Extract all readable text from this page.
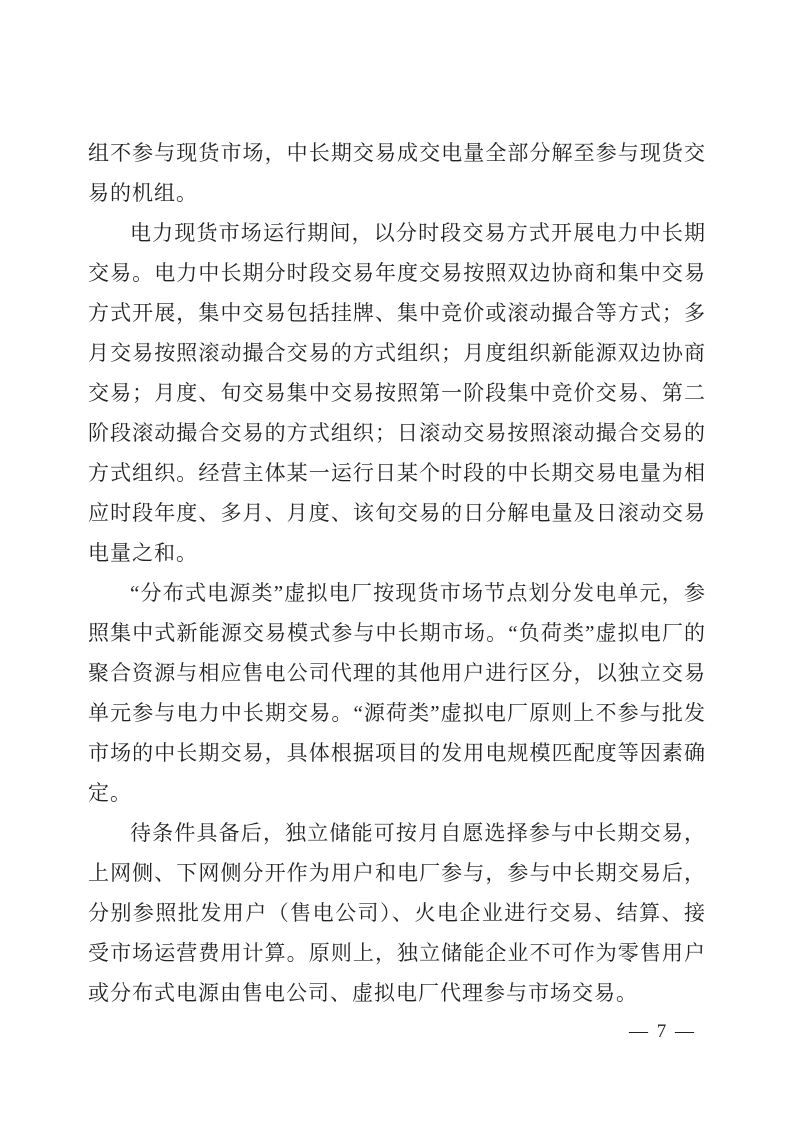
组不参与现货市场，中长期交易成交电量全部分解至参与现货交易的机组。

电力现货市场运行期间，以分时段交易方式开展电力中长期交易。电力中长期分时段交易年度交易按照双边协商和集中交易方式开展，集中交易包括挂牌、集中竞价或滚动撮合等方式；多月交易按照滚动撮合交易的方式组织；月度组织新能源双边协商交易；月度、旬交易集中交易按照第一阶段集中竞价交易、第二阶段滚动撮合交易的方式组织；日滚动交易按照滚动撮合交易的方式组织。经营主体某一运行日某个时段的中长期交易电量为相应时段年度、多月、月度、该旬交易的日分解电量及日滚动交易电量之和。

“分布式电源类”虚拟电厂按现货市场节点划分发电单元，参照集中式新能源交易模式参与中长期市场。“负荷类”虚拟电厂的聚合资源与相应售电公司代理的其他用户进行区分，以独立交易单元参与电力中长期交易。“源荷类”虚拟电厂原则上不参与批发市场的中长期交易，具体根据项目的发用电规模匹配度等因素确定。

待条件具备后，独立储能可按月自愿选择参与中长期交易，上网侧、下网侧分开作为用户和电厂参与，参与中长期交易后，分别参照批发用户（售电公司）、火电企业进行交易、结算、接受市场运营费用计算。原则上，独立储能企业不可作为零售用户或分布式电源由售电公司、虚拟电厂代理参与市场交易。

— 7 —
